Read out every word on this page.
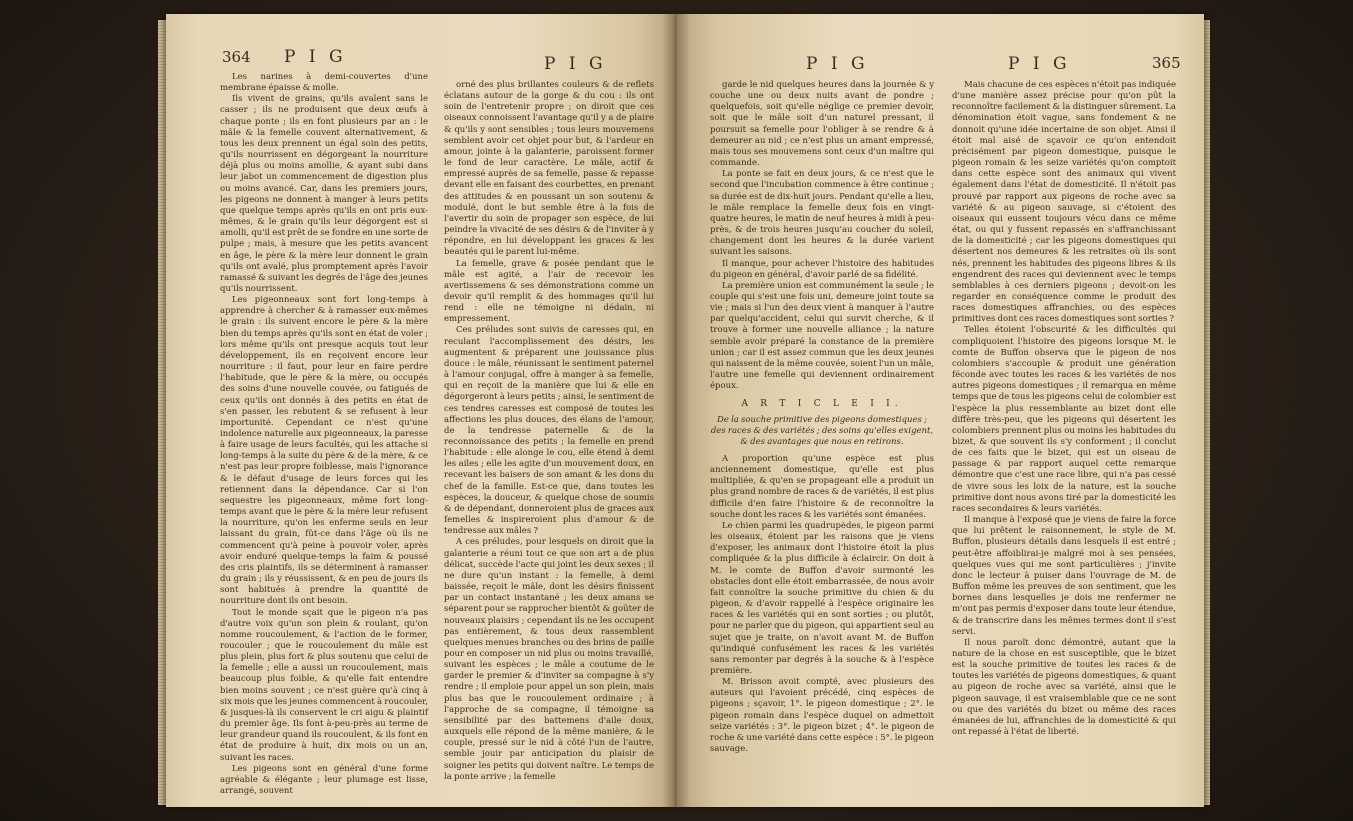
364 P I G	P I G

Les narines à demi-couvertes d'une membrane épaisse & molle.

Ils vivent de grains, qu'ils avalent sans le casser ; ils ne produisent que deux œufs à chaque ponte ; ils en font plusieurs par an : le mâle & la femelle couvent alternativement, & tous les deux prennent un égal soin des petits, qu'ils nourrissent en dégorgeant la nourriture déjà plus ou moins amollie, & ayant subi dans leur jabot un commencement de digestion plus ou moins avancé. Car, dans les premiers jours, les pigeons ne donnent à manger à leurs petits que quelque temps après qu'ils en ont pris eux-mêmes, & le grain qu'ils leur dégorgent est si amolli, qu'il est prêt de se fondre en une sorte de pulpe ; mais, à mesure que les petits avancent en âge, le père & la mère leur donnent le grain qu'ils ont avalé, plus promptement après l'avoir ramassé & suivant les degrés de l'âge des jeunes qu'ils nourrissent.

Les pigeonneaux sont fort long-temps à apprendre à chercher & à ramasser eux-mêmes le grain : ils suivent encore le père & la mère bien du temps après qu'ils sont en état de voler ; lors même qu'ils ont presque acquis tout leur développement, ils en reçoivent encore leur nourriture : il faut, pour leur en faire perdre l'habitude, que le père & la mère, ou occupés des soins d'une nouvelle couvée, ou fatigués de ceux qu'ils ont donnés à des petits en état de s'en passer, les rebutent & se refusent à leur importunité. Cependant ce n'est qu'une indolence naturelle aux pigeonneaux, la paresse à faire usage de leurs facultés, qui les attache si long-temps à la suite du père & de la mère, & ce n'est pas leur propre foiblesse, mais l'ignorance & le défaut d'usage de leurs forces qui les retiennent dans la dépendance. Car si l'on sequestre les pigeonneaux, même fort long-temps avant que le père & la mère leur refusent la nourriture, qu'on les enferme seuls en leur laissant du grain, fût-ce dans l'âge où ils ne commencent qu'à peine à pouvoir voler, après avoir enduré quelque-temps la faim & poussé des cris plaintifs, ils se déterminent à ramasser du grain ; ils y réussissent, & en peu de jours ils sont habitués à prendre la quantité de nourriture dont ils ont besoin.

Tout le monde sçait que le pigeon n'a pas d'autre voix qu'un son plein & roulant, qu'on nomme roucoulement, & l'action de le former, roucouler ; que le roucoulement du mâle est plus plein, plus fort & plus soutenu que celui de la femelle ; elle a aussi un roucoulement, mais beaucoup plus foible, & qu'elle fait entendre bien moins souvent ; ce n'est guère qu'à cinq à six mois que les jeunes commencent à roucouler, & jusques-là ils conservent le cri aigu & plaintif du premier âge. Ils font à-peu-près au terme de leur grandeur quand ils roucoulent, & ils font en état de produire à huit, dix mois ou un an, suivant les races.

Les pigeons sont en général d'une forme agréable & élégante ; leur plumage est lisse, arrangé, souvent

orné des plus brillantes couleurs & de reflets éclatans autour de la gorge & du cou : ils ont soin de l'entretenir propre ; on diroit que ces oiseaux connoissent l'avantage qu'il y a de plaire & qu'ils y sont sensibles ; tous leurs mouvemens semblent avoir cet objet pour but, & l'ardeur en amour, jointe à la galanterie, paroissent former le fond de leur caractère. Le mâle, actif & empressé auprès de sa femelle, passe & repasse devant elle en faisant des courbettes, en prenant des attitudes & en poussant un son soutenu & modulé, dont le but semble être à la fois de l'avertir du soin de propager son espèce, de lui peindre la vivacité de ses désirs & de l'inviter à y répondre, en lui développant les graces & les beautés qui le parent lui-même.

La femelle, grave & posée pendant que le mâle est agité, a l'air de recevoir les avertissemens & ses démonstrations comme un devoir qu'il remplit & des hommages qu'il lui rend : elle ne témoigne ni dédain, ni empressement.

Ces préludes sont suivis de caresses qui, en reculant l'accomplissement des désirs, les augmentent & préparent une jouissance plus douce : le mâle, réunissant le sentiment paternel à l'amour conjugal, offre à manger à sa femelle, qui en reçoit de la manière que lui & elle en dégorgeront à leurs petits ; ainsi, le sentiment de ces tendres caresses est composé de toutes les affections les plus douces, des élans de l'amour, de la tendresse paternelle & de la reconnoissance des petits ; la femelle en prend l'habitude : elle alonge le cou, elle étend à demi les ailes ; elle les agite d'un mouvement doux, en recevant les baisers de son amant & les dons du chef de la famille. Est-ce que, dans toutes les espèces, la douceur, & quelque chose de soumis & de dépendant, donneroient plus de graces aux femelles & inspireroient plus d'amour & de tendresse aux mâles ?

A ces préludes, pour lesquels on diroit que la galanterie a réuni tout ce que son art a de plus délicat, succède l'acte qui joint les deux sexes ; il ne dure qu'un instant : la femelle, à demi baissée, reçoit le mâle, dont les désirs finissent par un contact instantané ; les deux amans se séparent pour se rapprocher bientôt & goûter de nouveaux plaisirs ; cependant ils ne les occupent pas entièrement, & tous deux rassemblent quelques menues branches ou des brins de paille pour en composer un nid plus ou moins travaillé, suivant les espèces ; le mâle a coutume de le garder le premier & d'inviter sa compagne à s'y rendre ; il emploie pour appel un son plein, mais plus bas que le roucoulement ordinaire ; à l'approche de sa compagne, il témoigne sa sensibilité par des battemens d'aile doux, auxquels elle répond de la même manière, & le couple, pressé sur le nid à côté l'un de l'autre, semble jouir par anticipation du plaisir de soigner les petits qui doivent naître. Le temps de la ponte arrive ; la femelle

P I G	P I G	365

garde le nid quelques heures dans la journée & y couche une ou deux nuits avant de pondre ; quelquefois, soit qu'elle néglige ce premier devoir, soit que le mâle soit d'un naturel pressant, il poursuit sa femelle pour l'obliger à se rendre & à demeurer au nid ; ce n'est plus un amant empressé, mais tous ses mouvemens sont ceux d'un maître qui commande.

La ponte se fait en deux jours, & ce n'est que le second que l'incubation commence à être continue ; sa durée est de dix-huit jours. Pendant qu'elle a lieu, le mâle remplace la femelle deux fois en vingt-quatre heures, le matin de neuf heures à midi à peu-près, & de trois heures jusqu'au coucher du soleil, changement dont les heures & la durée varient suivant les saisons.

Il manque, pour achever l'histoire des habitudes du pigeon en général, d'avoir parlé de sa fidélité.

La première union est communément la seule ; le couple qui s'est une fois uni, demeure joint toute sa vie ; mais si l'un des deux vient à manquer à l'autre par quelqu'accident, celui qui survit cherche, & il trouve à former une nouvelle alliance ; la nature semble avoir préparé la constance de la première union ; car il est assez commun que les deux jeunes qui naissent de la même couvée, soient l'un un mâle, l'autre une femelle qui deviennent ordinairement époux.

A R T I C L E I I.

De la souche primitive des pigeons domestiques ; des races & des variétés ; des soins qu'elles exigent, & des avantages que nous en retirons.

A proportion qu'une espèce est plus anciennement domestique, qu'elle est plus multipliée, & qu'en se propageant elle a produit un plus grand nombre de races & de variétés, il est plus difficile d'en faire l'histoire & de reconnoître la souche dont les races & les variétés sont émanées.

Le chien parmi les quadrupèdes, le pigeon parmi les oiseaux, étoient par les raisons que je viens d'exposer, les animaux dont l'histoire étoit la plus compliquée & la plus difficile à éclaircir. On doit à M. le comte de Buffon d'avoir surmonté les obstacles dont elle étoit embarrassée, de nous avoir fait connoître la souche primitive du chien & du pigeon, & d'avoir rappellé à l'espèce originaire les races & les variétés qui en sont sorties ; ou plutôt, pour ne parler que du pigeon, qui appartient seul au sujet que je traite, on n'avoit avant M. de Buffon qu'indiqué confusément les races & les variétés sans remonter par degrés à la souche & à l'espèce première.

M. Brisson avoit compté, avec plusieurs des auteurs qui l'avoient précédé, cinq espèces de pigeons ; sçavoir, 1°. le pigeon domestique ; 2°. le pigeon romain dans l'espèce duquel on admettoit seize variétés : 3°. le pigeon bizet ; 4°. le pigeon de roche & une variété dans cette espèce : 5°. le pigeon sauvage.

Mais chacune de ces espèces n'étoit pas indiquée d'une manière assez précise pour qu'on pût la reconnoître facilement & la distinguer sûrement. La dénomination étoit vague, sans fondement & ne donnoit qu'une idée incertaine de son objet. Ainsi il étoit mal aisé de sçavoir ce qu'on entendoit précisément par pigeon domestique, puisque le pigeon romain & les seize variétés qu'on comptoit dans cette espèce sont des animaux qui vivent également dans l'état de domesticité. Il n'étoit pas prouvé par rapport aux pigeons de roche avec sa variété & au pigeon sauvage, si c'étoient des oiseaux qui eussent toujours vécu dans ce même état, ou qui y fussent repassés en s'affranchissant de la domesticité ; car les pigeons domestiques qui désertent nos demeures & les retraites où ils sont nés, prennent les habitudes des pigeons libres & ils engendrent des races qui deviennent avec le temps semblables à ces derniers pigeons ; devoit-on les regarder en conséquence comme le produit des races domestiques affranchies, ou des espèces primitives dont ces races domestiques sont sorties ?

Telles étoient l'obscurité & les difficultés qui compliquoient l'histoire des pigeons lorsque M. le comte de Buffon observa que le pigeon de nos colombiers s'accouple & produit une génération féconde avec toutes les races & les variétés de nos autres pigeons domestiques ; il remarqua en même temps que de tous les pigeons celui de colombier est l'espèce la plus ressemblante au bizet dont elle diffère très-peu, que les pigeons qui désertent les colombiers prennent plus ou moins les habitudes du bizet, & que souvent ils s'y conforment ; il conclut de ces faits que le bizet, qui est un oiseau de passage & par rapport auquel cette remarque démontre que c'est une race libre, qui n'a pas cessé de vivre sous les loix de la nature, est la souche primitive dont nous avons tiré par la domesticité les races secondaires & leurs variétés.

Il manque à l'exposé que je viens de faire la force que lui prêtent le raisonnement, le style de M. Buffon, plusieurs détails dans lesquels il est entré ; peut-être affoiblirai-je malgré moi à ses pensées, quelques vues qui me sont particulières ; j'invite donc le lecteur à puiser dans l'ouvrage de M. de Buffon même les preuves de son sentiment, que les bornes dans lesquelles je dois me renfermer ne m'ont pas permis d'exposer dans toute leur étendue, & de transcrire dans les mêmes termes dont il s'est servi.

Il nous paroît donc démontré, autant que la nature de la chose en est susceptible, que le bizet est la souche primitive de toutes les races & de toutes les variétés de pigeons domestiques, & quant au pigeon de roche avec sa variété, ainsi que le pigeon sauvage, il est vraisemblable que ce ne sont ou que des variétés du bizet ou même des races émanées de lui, affranchies de la domesticité & qui ont repassé à l'état de liberté.
